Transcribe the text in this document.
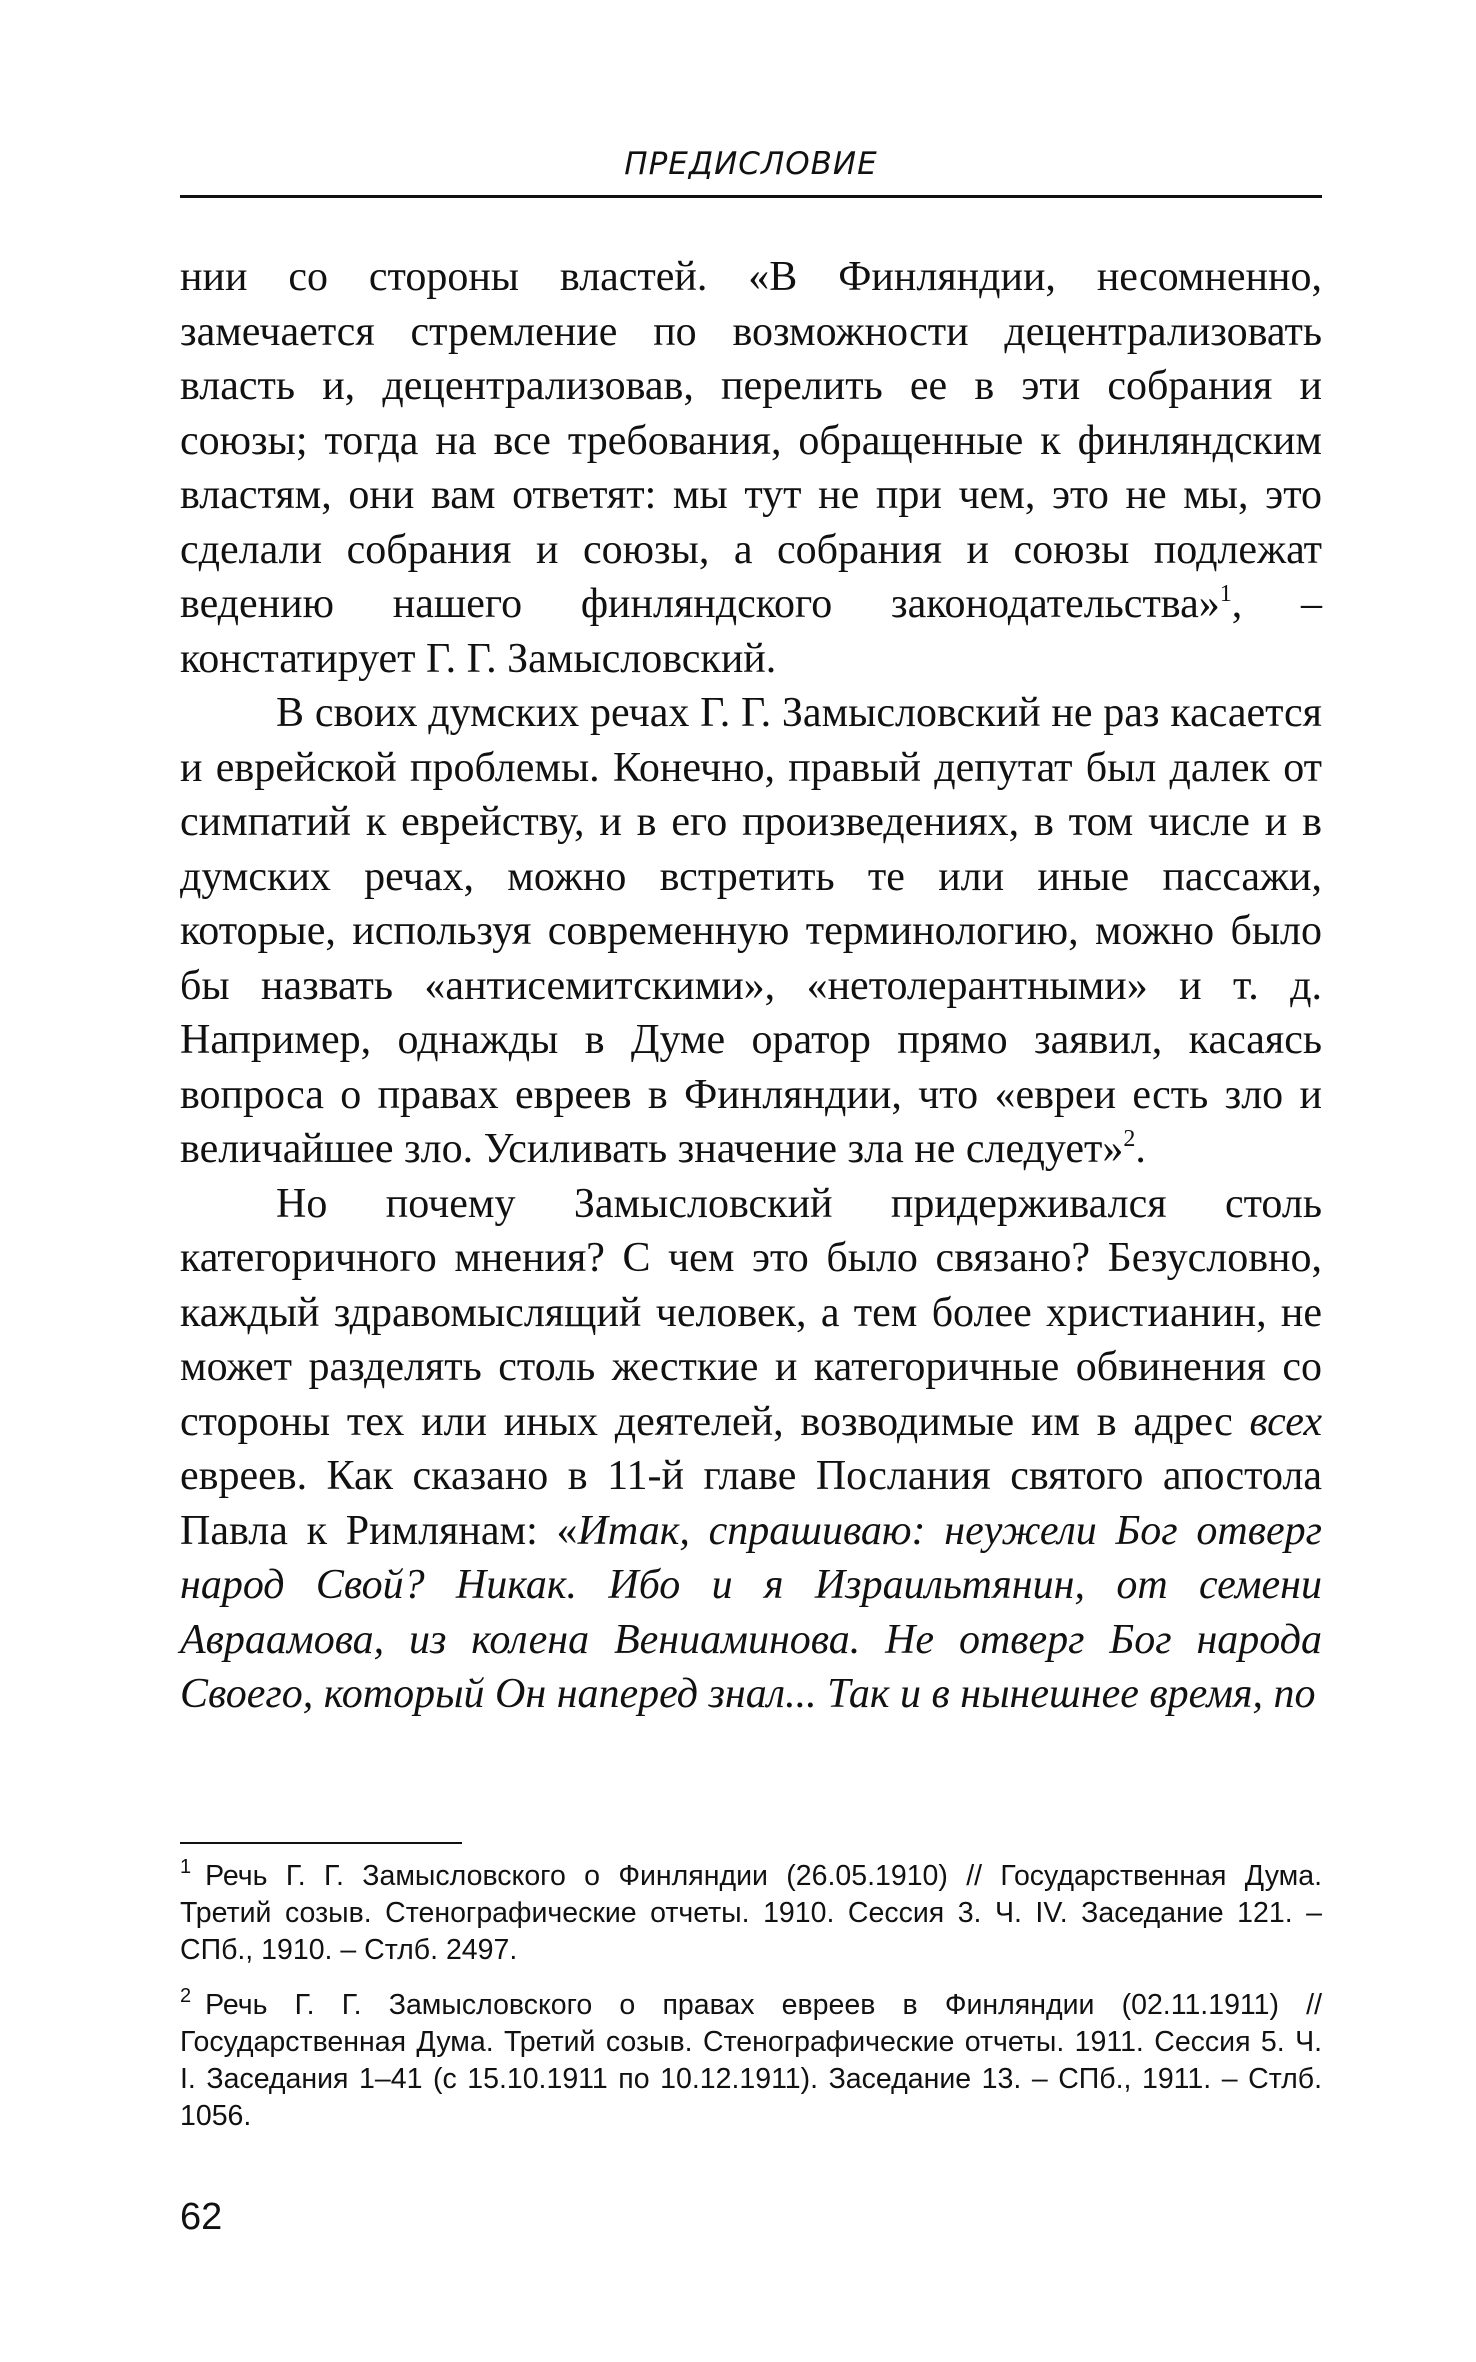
ПРЕДИСЛОВИЕ

нии со стороны властей. «В Финляндии, несомненно, замечается стремление по возможности децентрализовать власть и, децентрализовав, перелить ее в эти собрания и союзы; тогда на все требования, обращенные к финляндским властям, они вам ответят: мы тут не при чем, это не мы, это сделали собрания и союзы, а собрания и союзы подлежат ведению нашего финляндского законодательства»$^1$, – констатирует Г. Г. Замысловский.

В своих думских речах Г. Г. Замысловский не раз касается и еврейской проблемы. Конечно, правый депутат был далек от симпатий к еврейству, и в его произведениях, в том числе и в думских речах, можно встретить те или иные пассажи, которые, используя современную терминологию, можно было бы назвать «антисемитскими», «нетолерантными» и т. д. Например, однажды в Думе оратор прямо заявил, касаясь вопроса о правах евреев в Финляндии, что «евреи есть зло и величайшее зло. Усиливать значение зла не следует»$^2$.

Но почему Замысловский придерживался столь категоричного мнения? С чем это было связано? Безусловно, каждый здравомыслящий человек, а тем более христианин, не может разделять столь жесткие и категоричные обвинения со стороны тех или иных деятелей, возводимые им в адрес всех евреев. Как сказано в 11-й главе Послания святого апостола Павла к Римлянам: «Итак, спрашиваю: неужели Бог отверг народ Свой? Никак. Ибо и я Израильтянин, от семени Авраамова, из колена Вениаминова. Не отверг Бог народа Своего, который Он наперед знал... Так и в нынешнее время, по

$^1$ Речь Г. Г. Замысловского о Финляндии (26.05.1910) // Государственная Дума. Третий созыв. Стенографические отчеты. 1910. Сессия 3. Ч. IV. Заседание 121. – СПб., 1910. – Стлб. 2497.

$^2$ Речь Г. Г. Замысловского о правах евреев в Финляндии (02.11.1911) // Государственная Дума. Третий созыв. Стенографические отчеты. 1911. Сессия 5. Ч. I. Заседания 1–41 (с 15.10.1911 по 10.12.1911). Заседание 13. – СПб., 1911. – Стлб. 1056.

62
